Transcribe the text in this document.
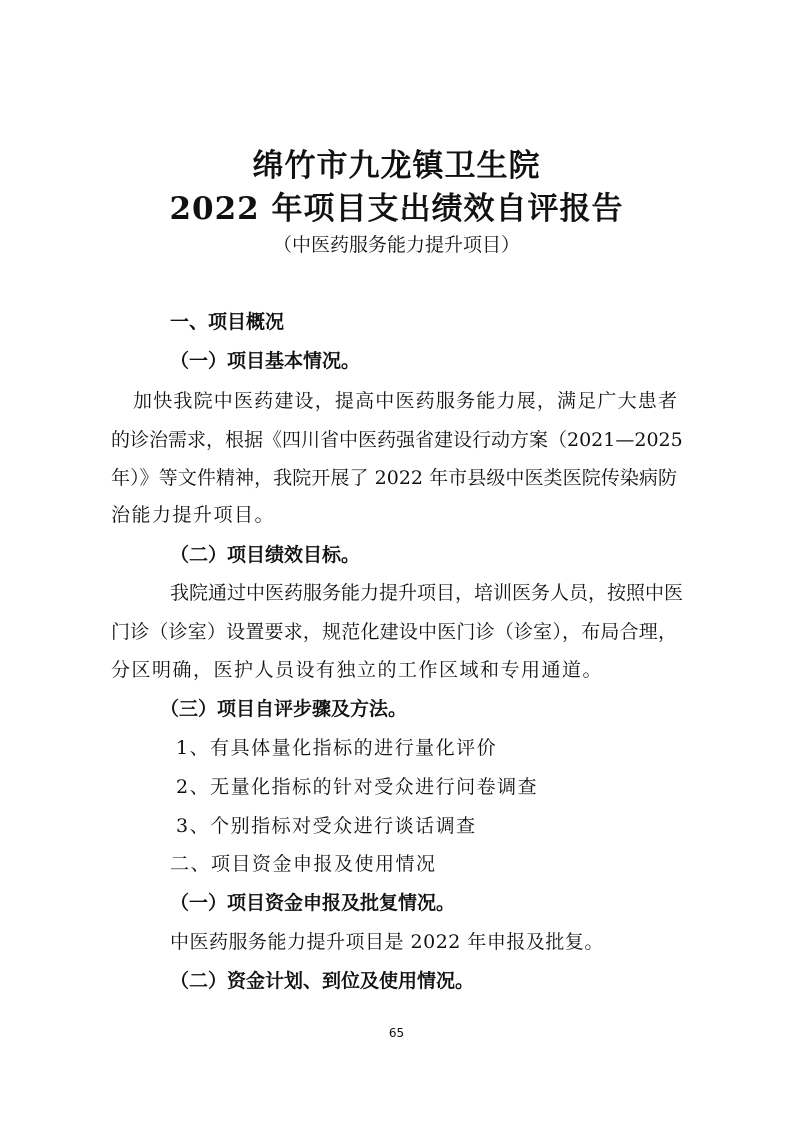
绵竹市九龙镇卫生院
2022 年项目支出绩效自评报告
（中医药服务能力提升项目）
一、项目概况
（一）项目基本情况。
加快我院中医药建设，提高中医药服务能力展，满足广大患者
的诊治需求，根据《四川省中医药强省建设行动方案（2021—2025
年）》等文件精神，我院开展了 2022 年市县级中医类医院传染病防
治能力提升项目。
（二）项目绩效目标。
我院通过中医药服务能力提升项目，培训医务人员，按照中医
门诊（诊室）设置要求，规范化建设中医门诊（诊室），布局合理，
分区明确，医护人员设有独立的工作区域和专用通道。
（三）项目自评步骤及方法。
1、有具体量化指标的进行量化评价
2、无量化指标的针对受众进行问卷调查
3、个别指标对受众进行谈话调查
二、项目资金申报及使用情况
（一）项目资金申报及批复情况。
中医药服务能力提升项目是 2022 年申报及批复。
（二）资金计划、到位及使用情况。
65
